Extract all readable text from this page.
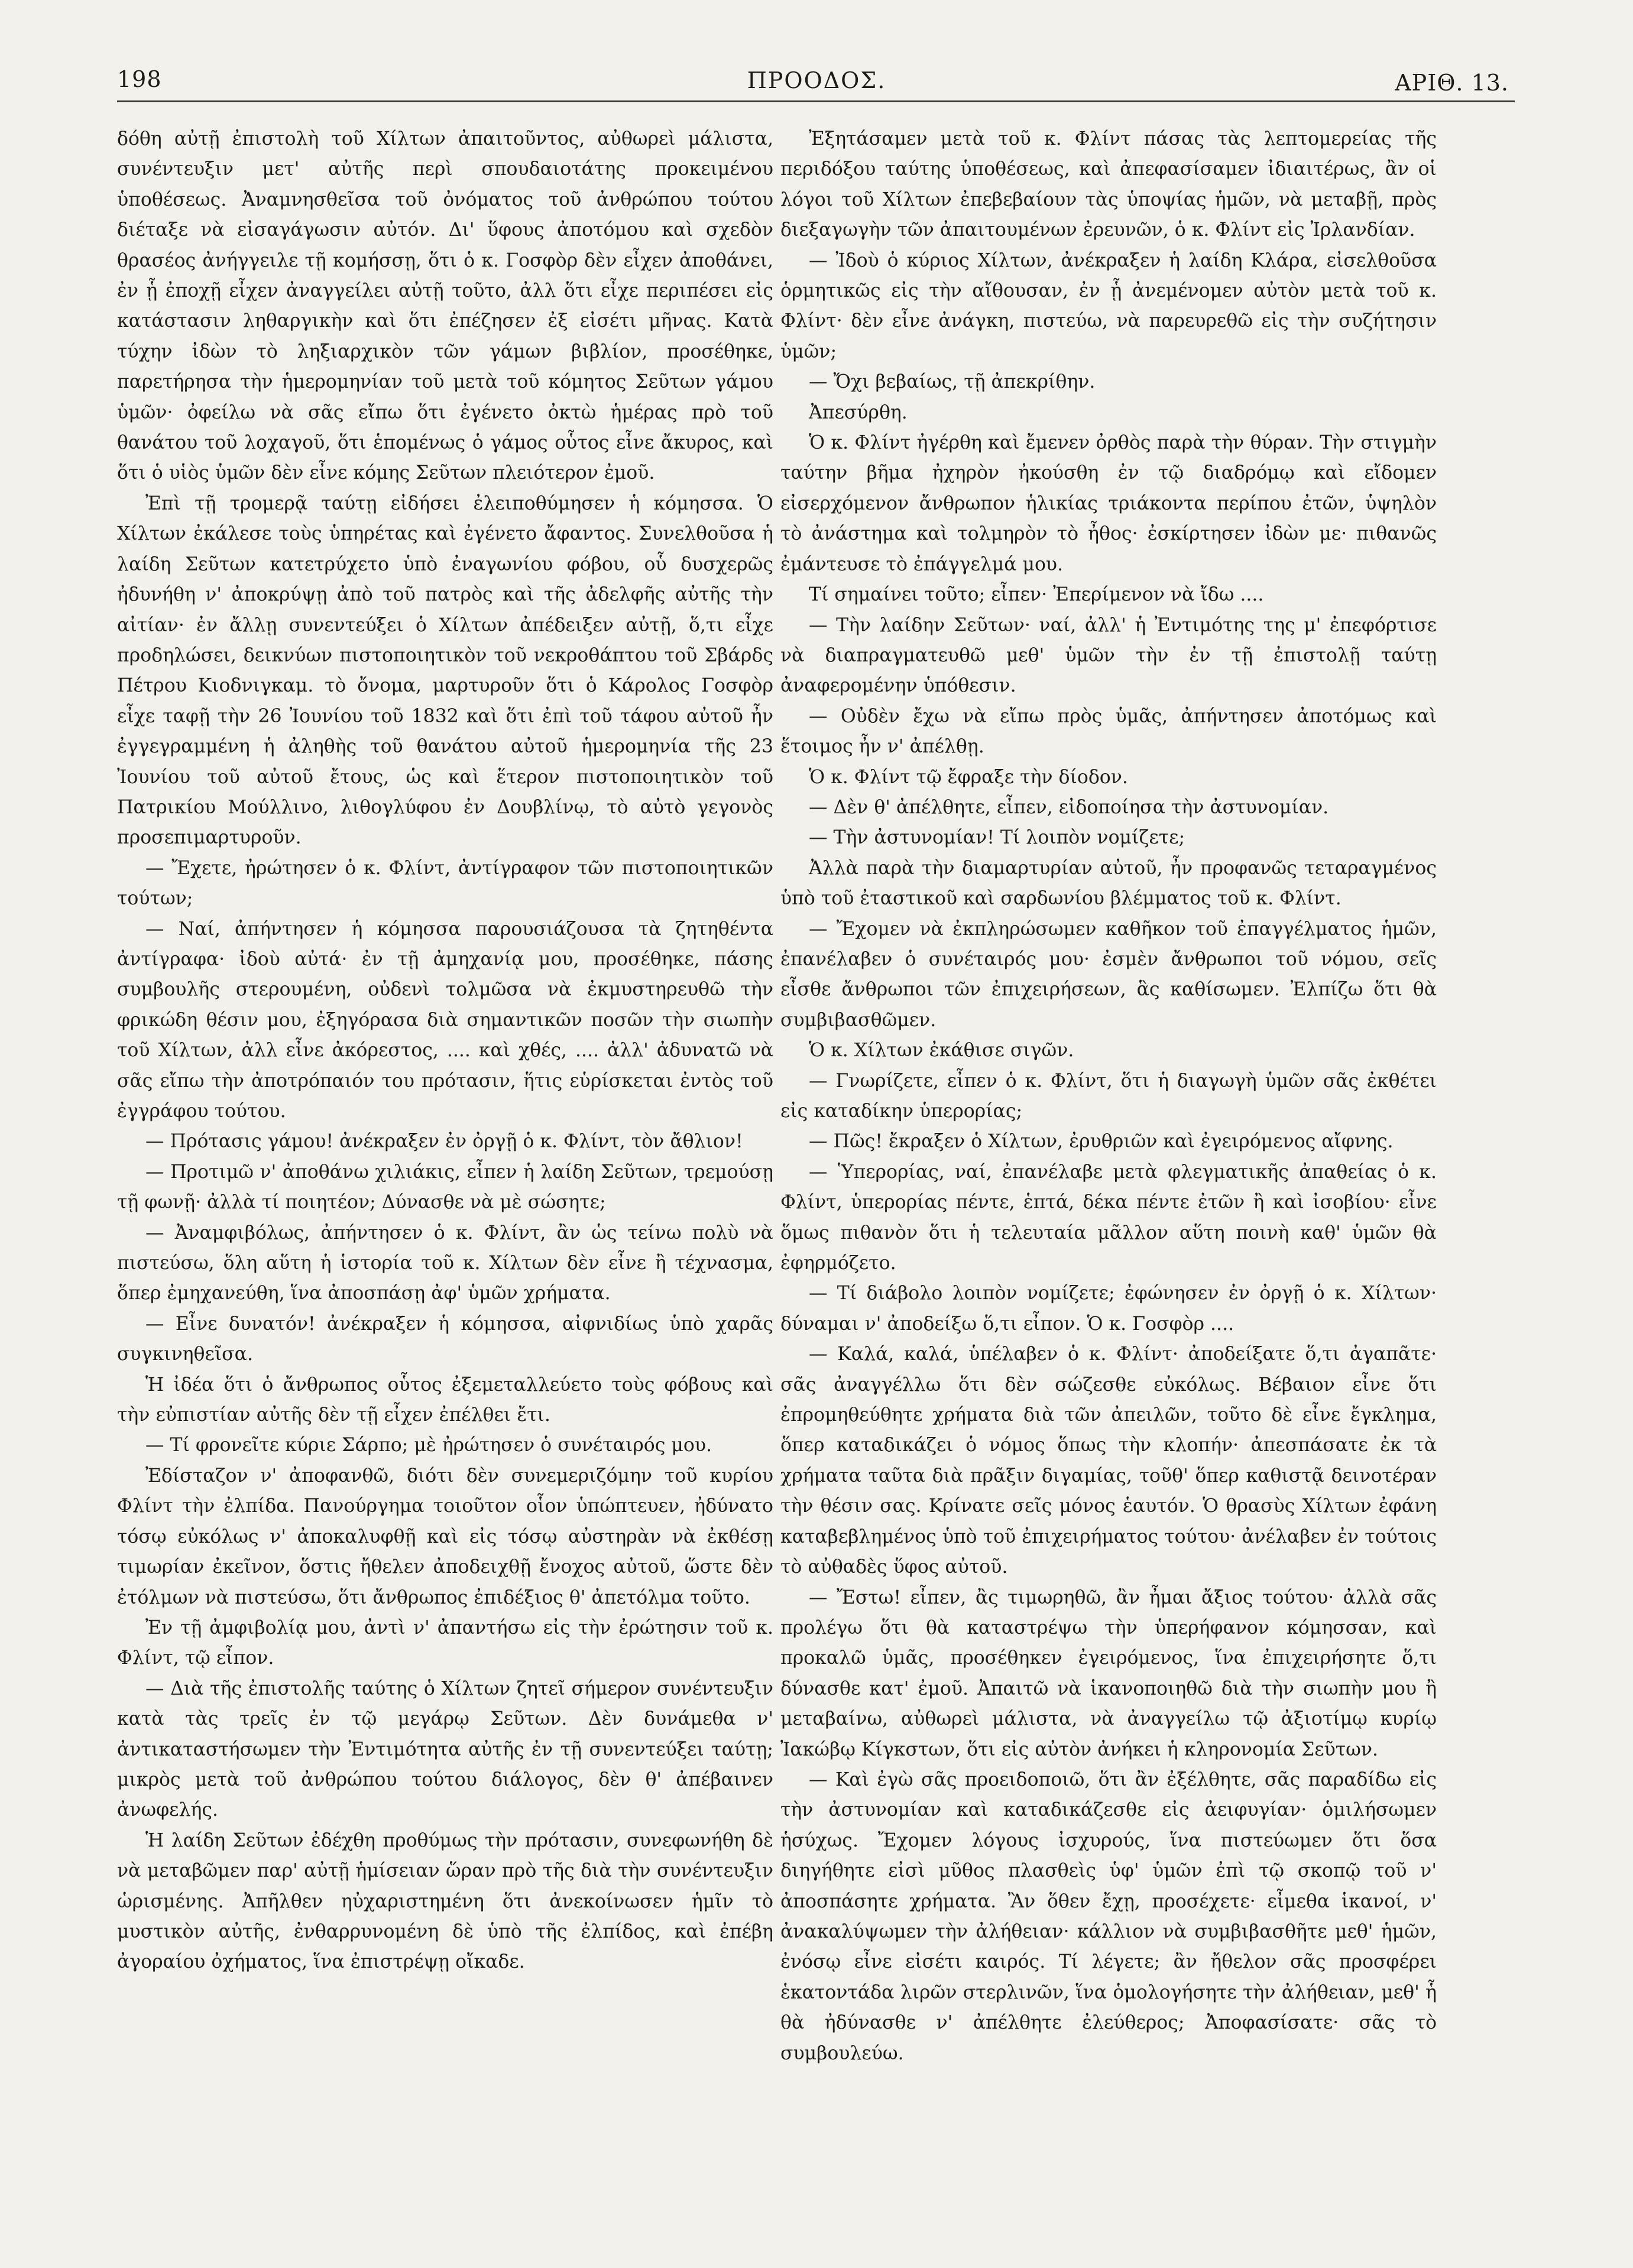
198	ΠΡΟΟΔΟΣ.	ΑΡΙΘ. 13.

δόθη αὐτῇ ἐπιστολὴ τοῦ Χίλτων ἀπαιτοῦντος, αὐθωρεὶ μάλιστα, συνέντευξιν μετ' αὐτῆς περὶ σπουδαιοτάτης προκειμένου ὑποθέσεως. Ἀναμνησθεῖσα τοῦ ὀνόματος τοῦ ἀνθρώπου τούτου διέταξε νὰ εἰσαγάγωσιν αὐτόν. Δι' ὕφους ἀποτόμου καὶ σχεδὸν θρασέος ἀνήγγειλε τῇ κομήσσῃ, ὅτι ὁ κ. Γοσφὸρ δὲν εἶχεν ἀποθάνει, ἐν ᾗ ἐποχῇ εἶχεν ἀναγγείλει αὐτῇ τοῦτο, ἀλλ ὅτι εἶχε περιπέσει εἰς κατάστασιν ληθαργικὴν καὶ ὅτι ἐπέζησεν ἐξ εἰσέτι μῆνας. Κατὰ τύχην ἰδὼν τὸ ληξιαρχικὸν τῶν γάμων βιβλίον, προσέθηκε, παρετήρησα τὴν ἡμερομηνίαν τοῦ μετὰ τοῦ κόμητος Σεῦτων γάμου ὑμῶν· ὀφείλω νὰ σᾶς εἴπω ὅτι ἐγένετο ὀκτὼ ἡμέρας πρὸ τοῦ θανάτου τοῦ λοχαγοῦ, ὅτι ἑπομένως ὁ γάμος οὗτος εἶνε ἄκυρος, καὶ ὅτι ὁ υἱὸς ὑμῶν δὲν εἶνε κόμης Σεῦτων πλειότερον ἐμοῦ.

Ἐπὶ τῇ τρομερᾷ ταύτῃ εἰδήσει ἐλειποθύμησεν ἡ κόμησσα. Ὁ Χίλτων ἐκάλεσε τοὺς ὑπηρέτας καὶ ἐγένετο ἄφαντος. Συνελθοῦσα ἡ λαίδη Σεῦτων κατετρύχετο ὑπὸ ἐναγωνίου φόβου, οὗ δυσχερῶς ἠδυνήθη ν' ἀποκρύψῃ ἀπὸ τοῦ πατρὸς καὶ τῆς ἀδελφῆς αὐτῆς τὴν αἰτίαν· ἐν ἄλλῃ συνεντεύξει ὁ Χίλτων ἀπέδειξεν αὐτῇ, ὅ,τι εἶχε προδηλώσει, δεικνύων πιστοποιητικὸν τοῦ νεκροθάπτου τοῦ Σβάρδς Πέτρου Κιοδνιγκαμ. τὸ ὄνομα, μαρτυροῦν ὅτι ὁ Κάρολος Γοσφὸρ εἶχε ταφῇ τὴν 26 Ἰουνίου τοῦ 1832 καὶ ὅτι ἐπὶ τοῦ τάφου αὐτοῦ ἦν ἐγγεγραμμένη ἡ ἀληθὴς τοῦ θανάτου αὐτοῦ ἡμερομηνία τῆς 23 Ἰουνίου τοῦ αὐτοῦ ἔτους, ὡς καὶ ἕτερον πιστοποιητικὸν τοῦ Πατρικίου Μούλλινο, λιθογλύφου ἐν Δουβλίνῳ, τὸ αὐτὸ γεγονὸς προσεπιμαρτυροῦν.

— Ἔχετε, ἠρώτησεν ὁ κ. Φλίντ, ἀντίγραφον τῶν πιστοποιητικῶν τούτων;

— Ναί, ἀπήντησεν ἡ κόμησσα παρουσιάζουσα τὰ ζητηθέντα ἀντίγραφα· ἰδοὺ αὐτά· ἐν τῇ ἀμηχανίᾳ μου, προσέθηκε, πάσης συμβουλῆς στερουμένη, οὐδενὶ τολμῶσα νὰ ἐκμυστηρευθῶ τὴν φρικώδη θέσιν μου, ἐξηγόρασα διὰ σημαντικῶν ποσῶν τὴν σιωπὴν τοῦ Χίλτων, ἀλλ εἶνε ἀκόρεστος, .... καὶ χθές, .... ἀλλ' ἀδυνατῶ νὰ σᾶς εἴπω τὴν ἀποτρόπαιόν του πρότασιν, ἥτις εὑρίσκεται ἐντὸς τοῦ ἐγγράφου τούτου.

— Πρότασις γάμου! ἀνέκραξεν ἐν ὀργῇ ὁ κ. Φλίντ, τὸν ἄθλιον!

— Προτιμῶ ν' ἀποθάνω χιλιάκις, εἶπεν ἡ λαίδη Σεῦτων, τρεμούσῃ τῇ φωνῇ· ἀλλὰ τί ποιητέον; Δύνασθε νὰ μὲ σώσητε;

— Ἀναμφιβόλως, ἀπήντησεν ὁ κ. Φλίντ, ἂν ὡς τείνω πολὺ νὰ πιστεύσω, ὅλη αὕτη ἡ ἱστορία τοῦ κ. Χίλτων δὲν εἶνε ἢ τέχνασμα, ὅπερ ἐμηχανεύθη, ἵνα ἀποσπάσῃ ἀφ' ὑμῶν χρήματα.

— Εἶνε δυνατόν! ἀνέκραξεν ἡ κόμησσα, αἰφνιδίως ὑπὸ χαρᾶς συγκινηθεῖσα.

Ἡ ἰδέα ὅτι ὁ ἄνθρωπος οὗτος ἐξεμεταλλεύετο τοὺς φόβους καὶ τὴν εὐπιστίαν αὐτῆς δὲν τῇ εἶχεν ἐπέλθει ἔτι.

— Τί φρονεῖτε κύριε Σάρπο; μὲ ἠρώτησεν ὁ συνέταιρός μου.

Ἐδίσταζον ν' ἀποφανθῶ, διότι δὲν συνεμεριζόμην τοῦ κυρίου Φλίντ τὴν ἐλπίδα. Πανούργημα τοιοῦτον οἷον ὑπώπτευεν, ἠδύνατο τόσῳ εὐκόλως ν' ἀποκαλυφθῇ καὶ εἰς τόσῳ αὐστηρὰν νὰ ἐκθέσῃ τιμωρίαν ἐκεῖνον, ὅστις ἤθελεν ἀποδειχθῇ ἔνοχος αὐτοῦ, ὥστε δὲν ἐτόλμων νὰ πιστεύσω, ὅτι ἄνθρωπος ἐπιδέξιος θ' ἀπετόλμα τοῦτο.

Ἐν τῇ ἀμφιβολίᾳ μου, ἀντὶ ν' ἀπαντήσω εἰς τὴν ἐρώτησιν τοῦ κ. Φλίντ, τῷ εἶπον.

— Διὰ τῆς ἐπιστολῆς ταύτης ὁ Χίλτων ζητεῖ σήμερον συνέντευξιν κατὰ τὰς τρεῖς ἐν τῷ μεγάρῳ Σεῦτων. Δὲν δυνάμεθα ν' ἀντικαταστήσωμεν τὴν Ἐντιμότητα αὐτῆς ἐν τῇ συνεντεύξει ταύτῃ; μικρὸς μετὰ τοῦ ἀνθρώπου τούτου διάλογος, δὲν θ' ἀπέβαινεν ἀνωφελής.

Ἡ λαίδη Σεῦτων ἐδέχθη προθύμως τὴν πρότασιν, συνεφωνήθη δὲ νὰ μεταβῶμεν παρ' αὐτῇ ἡμίσειαν ὥραν πρὸ τῆς διὰ τὴν συνέντευξιν ὡρισμένης. Ἀπῆλθεν ηὐχαριστημένη ὅτι ἀνεκοίνωσεν ἡμῖν τὸ μυστικὸν αὐτῆς, ἐνθαρρυνομένη δὲ ὑπὸ τῆς ἐλπίδος, καὶ ἐπέβη ἀγοραίου ὀχήματος, ἵνα ἐπιστρέψῃ οἴκαδε.

Ἐξητάσαμεν μετὰ τοῦ κ. Φλίντ πάσας τὰς λεπτομερείας τῆς περιδόξου ταύτης ὑποθέσεως, καὶ ἀπεφασίσαμεν ἰδιαιτέρως, ἂν οἱ λόγοι τοῦ Χίλτων ἐπεβεβαίουν τὰς ὑποψίας ἡμῶν, νὰ μεταβῇ, πρὸς διεξαγωγὴν τῶν ἀπαιτουμένων ἐρευνῶν, ὁ κ. Φλίντ εἰς Ἰρλανδίαν.

— Ἰδοὺ ὁ κύριος Χίλτων, ἀνέκραξεν ἡ λαίδη Κλάρα, εἰσελθοῦσα ὁρμητικῶς εἰς τὴν αἴθουσαν, ἐν ᾗ ἀνεμένομεν αὐτὸν μετὰ τοῦ κ. Φλίντ· δὲν εἶνε ἀνάγκη, πιστεύω, νὰ παρευρεθῶ εἰς τὴν συζήτησιν ὑμῶν;

— Ὄχι βεβαίως, τῇ ἀπεκρίθην.

Ἀπεσύρθη.

Ὁ κ. Φλίντ ἠγέρθη καὶ ἔμενεν ὀρθὸς παρὰ τὴν θύραν. Τὴν στιγμὴν ταύτην βῆμα ἠχηρὸν ἠκούσθη ἐν τῷ διαδρόμῳ καὶ εἴδομεν εἰσερχόμενον ἄνθρωπον ἡλικίας τριάκοντα περίπου ἐτῶν, ὑψηλὸν τὸ ἀνάστημα καὶ τολμηρὸν τὸ ἦθος· ἐσκίρτησεν ἰδὼν με· πιθανῶς ἐμάντευσε τὸ ἐπάγγελμά μου.

Τί σημαίνει τοῦτο; εἶπεν· Ἐπερίμενον νὰ ἴδω ....

— Τὴν λαίδην Σεῦτων· ναί, ἀλλ' ἡ Ἐντιμότης της μ' ἐπεφόρτισε νὰ διαπραγματευθῶ μεθ' ὑμῶν τὴν ἐν τῇ ἐπιστολῇ ταύτῃ ἀναφερομένην ὑπόθεσιν.

— Οὐδὲν ἔχω νὰ εἴπω πρὸς ὑμᾶς, ἀπήντησεν ἀποτόμως καὶ ἕτοιμος ἦν ν' ἀπέλθῃ.

Ὁ κ. Φλίντ τῷ ἔφραξε τὴν δίοδον.

— Δὲν θ' ἀπέλθητε, εἶπεν, εἰδοποίησα τὴν ἀστυνομίαν.

— Τὴν ἀστυνομίαν! Τί λοιπὸν νομίζετε;

Ἀλλὰ παρὰ τὴν διαμαρτυρίαν αὐτοῦ, ἦν προφανῶς τεταραγμένος ὑπὸ τοῦ ἐταστικοῦ καὶ σαρδωνίου βλέμματος τοῦ κ. Φλίντ.

— Ἔχομεν νὰ ἐκπληρώσωμεν καθῆκον τοῦ ἐπαγγέλματος ἡμῶν, ἐπανέλαβεν ὁ συνέταιρός μου· ἐσμὲν ἄνθρωποι τοῦ νόμου, σεῖς εἶσθε ἄνθρωποι τῶν ἐπιχειρήσεων, ἃς καθίσωμεν. Ἐλπίζω ὅτι θὰ συμβιβασθῶμεν.

Ὁ κ. Χίλτων ἐκάθισε σιγῶν.

— Γνωρίζετε, εἶπεν ὁ κ. Φλίντ, ὅτι ἡ διαγωγὴ ὑμῶν σᾶς ἐκθέτει εἰς καταδίκην ὑπερορίας;

— Πῶς! ἔκραξεν ὁ Χίλτων, ἐρυθριῶν καὶ ἐγειρόμενος αἴφνης.

— Ὑπερορίας, ναί, ἐπανέλαβε μετὰ φλεγματικῆς ἀπαθείας ὁ κ. Φλίντ, ὑπερορίας πέντε, ἑπτά, δέκα πέντε ἐτῶν ἢ καὶ ἰσοβίου· εἶνε ὅμως πιθανὸν ὅτι ἡ τελευταία μᾶλλον αὕτη ποινὴ καθ' ὑμῶν θὰ ἐφηρμόζετο.

— Τί διάβολο λοιπὸν νομίζετε; ἐφώνησεν ἐν ὀργῇ ὁ κ. Χίλτων· δύναμαι ν' ἀποδείξω ὅ,τι εἶπον. Ὁ κ. Γοσφὸρ ....

— Καλά, καλά, ὑπέλαβεν ὁ κ. Φλίντ· ἀποδείξατε ὅ,τι ἀγαπᾶτε· σᾶς ἀναγγέλλω ὅτι δὲν σώζεσθε εὐκόλως. Βέβαιον εἶνε ὅτι ἐπρομηθεύθητε χρήματα διὰ τῶν ἀπειλῶν, τοῦτο δὲ εἶνε ἔγκλημα, ὅπερ καταδικάζει ὁ νόμος ὅπως τὴν κλοπήν· ἀπεσπάσατε ἐκ τὰ χρήματα ταῦτα διὰ πρᾶξιν διγαμίας, τοῦθ' ὅπερ καθιστᾷ δεινοτέραν τὴν θέσιν σας. Κρίνατε σεῖς μόνος ἑαυτόν. Ὁ θρασὺς Χίλτων ἐφάνη καταβεβλημένος ὑπὸ τοῦ ἐπιχειρήματος τούτου· ἀνέλαβεν ἐν τούτοις τὸ αὐθαδὲς ὕφος αὐτοῦ.

— Ἔστω! εἶπεν, ἂς τιμωρηθῶ, ἂν ἦμαι ἄξιος τούτου· ἀλλὰ σᾶς προλέγω ὅτι θὰ καταστρέψω τὴν ὑπερήφανον κόμησσαν, καὶ προκαλῶ ὑμᾶς, προσέθηκεν ἐγειρόμενος, ἵνα ἐπιχειρήσητε ὅ,τι δύνασθε κατ' ἐμοῦ. Ἀπαιτῶ νὰ ἱκανοποιηθῶ διὰ τὴν σιωπὴν μου ἢ μεταβαίνω, αὐθωρεὶ μάλιστα, νὰ ἀναγγείλω τῷ ἀξιοτίμῳ κυρίῳ Ἰακώβῳ Κίγκστων, ὅτι εἰς αὐτὸν ἀνήκει ἡ κληρονομία Σεῦτων.

— Καὶ ἐγὼ σᾶς προειδοποιῶ, ὅτι ἂν ἐξέλθητε, σᾶς παραδίδω εἰς τὴν ἀστυνομίαν καὶ καταδικάζεσθε εἰς ἀειφυγίαν· ὁμιλήσωμεν ἡσύχως. Ἔχομεν λόγους ἰσχυρούς, ἵνα πιστεύωμεν ὅτι ὅσα διηγήθητε εἰσὶ μῦθος πλασθεὶς ὑφ' ὑμῶν ἐπὶ τῷ σκοπῷ τοῦ ν' ἀποσπάσητε χρήματα. Ἂν ὅθεν ἔχῃ, προσέχετε· εἶμεθα ἱκανοί, ν' ἀνακαλύψωμεν τὴν ἀλήθειαν· κάλλιον νὰ συμβιβασθῆτε μεθ' ἡμῶν, ἐνόσῳ εἶνε εἰσέτι καιρός. Τί λέγετε; ἂν ἤθελον σᾶς προσφέρει ἑκατοντάδα λιρῶν στερλινῶν, ἵνα ὁμολογήσητε τὴν ἀλήθειαν, μεθ' ἧ θὰ ἠδύνασθε ν' ἀπέλθητε ἐλεύθερος; Ἀποφασίσατε· σᾶς τὸ συμβουλεύω.
